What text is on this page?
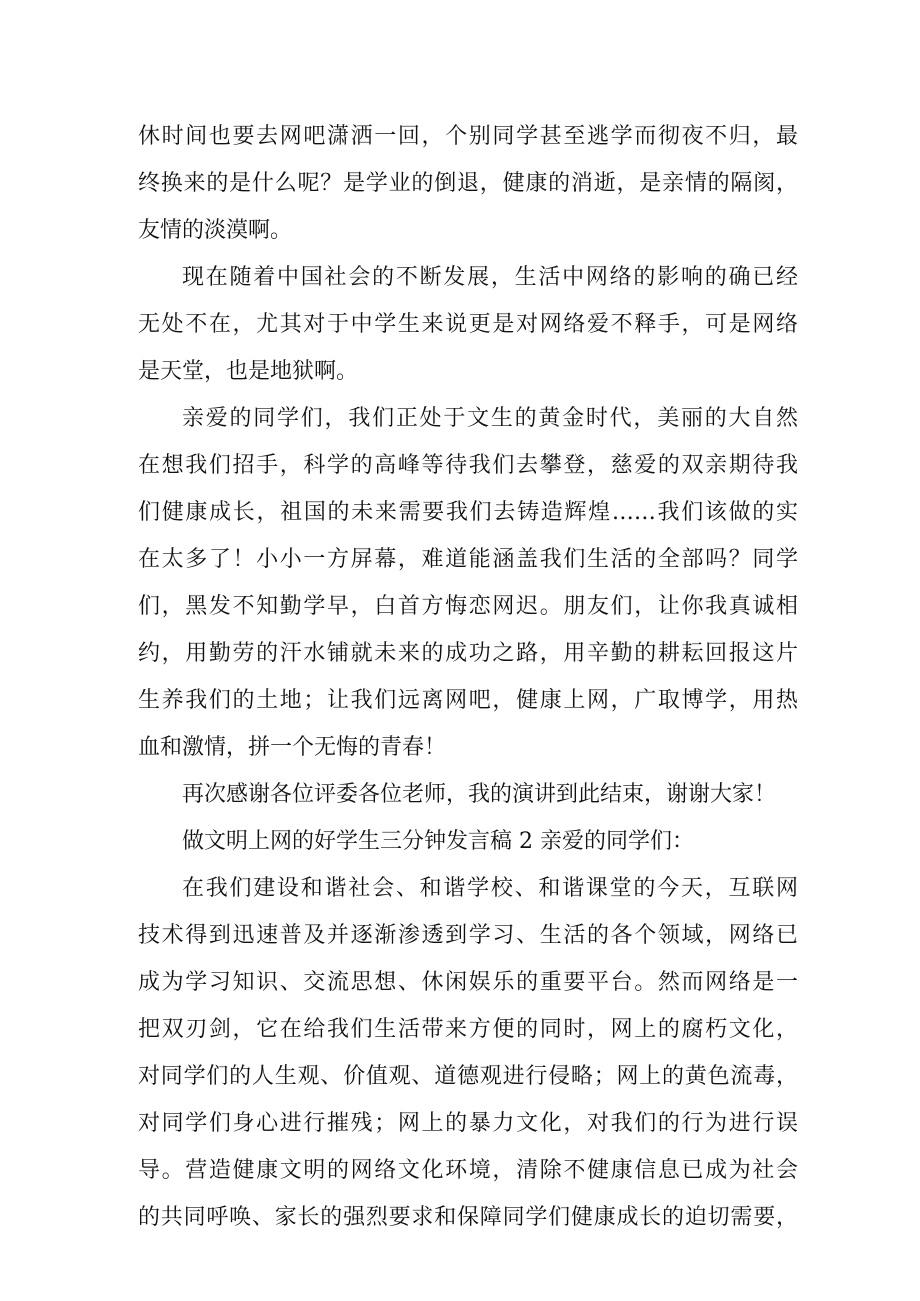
休时间也要去网吧潇洒一回，个别同学甚至逃学而彻夜不归，最
终换来的是什么呢？是学业的倒退，健康的消逝，是亲情的隔阂，
友情的淡漠啊。
现在随着中国社会的不断发展，生活中网络的影响的确已经
无处不在，尤其对于中学生来说更是对网络爱不释手，可是网络
是天堂，也是地狱啊。
亲爱的同学们，我们正处于文生的黄金时代，美丽的大自然
在想我们招手，科学的高峰等待我们去攀登，慈爱的双亲期待我
们健康成长，祖国的未来需要我们去铸造辉煌……我们该做的实
在太多了！小小一方屏幕，难道能涵盖我们生活的全部吗？同学
们，黑发不知勤学早，白首方悔恋网迟。朋友们，让你我真诚相
约，用勤劳的汗水铺就未来的成功之路，用辛勤的耕耘回报这片
生养我们的土地；让我们远离网吧，健康上网，广取博学，用热
血和激情，拼一个无悔的青春！
再次感谢各位评委各位老师，我的演讲到此结束，谢谢大家！
做文明上网的好学生三分钟发言稿 2 亲爱的同学们：
在我们建设和谐社会、和谐学校、和谐课堂的今天，互联网
技术得到迅速普及并逐渐渗透到学习、生活的各个领域，网络已
成为学习知识、交流思想、休闲娱乐的重要平台。然而网络是一
把双刃剑，它在给我们生活带来方便的同时，网上的腐朽文化，
对同学们的人生观、价值观、道德观进行侵略；网上的黄色流毒，
对同学们身心进行摧残；网上的暴力文化，对我们的行为进行误
导。营造健康文明的网络文化环境，清除不健康信息已成为社会
的共同呼唤、家长的强烈要求和保障同学们健康成长的迫切需要，
